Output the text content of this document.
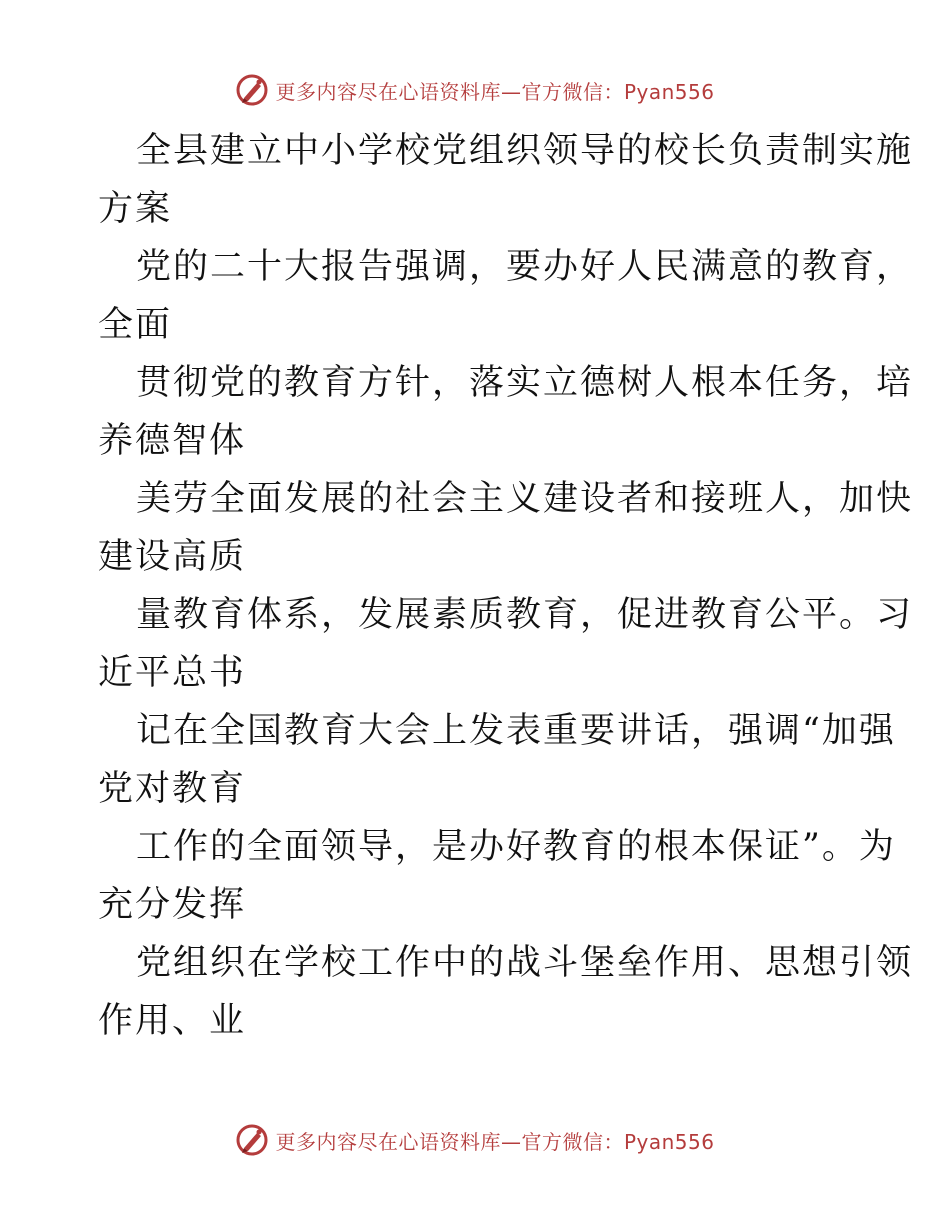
更多内容尽在心语资料库—官方微信：Pyan556
全县建立中小学校党组织领导的校长负责制实施
方案
党的二十大报告强调，要办好人民满意的教育，
全面
贯彻党的教育方针，落实立德树人根本任务，培
养德智体
美劳全面发展的社会主义建设者和接班人，加快
建设高质
量教育体系，发展素质教育，促进教育公平。习
近平总书
记在全国教育大会上发表重要讲话，强调“加强
党对教育
工作的全面领导，是办好教育的根本保证”。为
充分发挥
党组织在学校工作中的战斗堡垒作用、思想引领
作用、业
更多内容尽在心语资料库—官方微信：Pyan556
